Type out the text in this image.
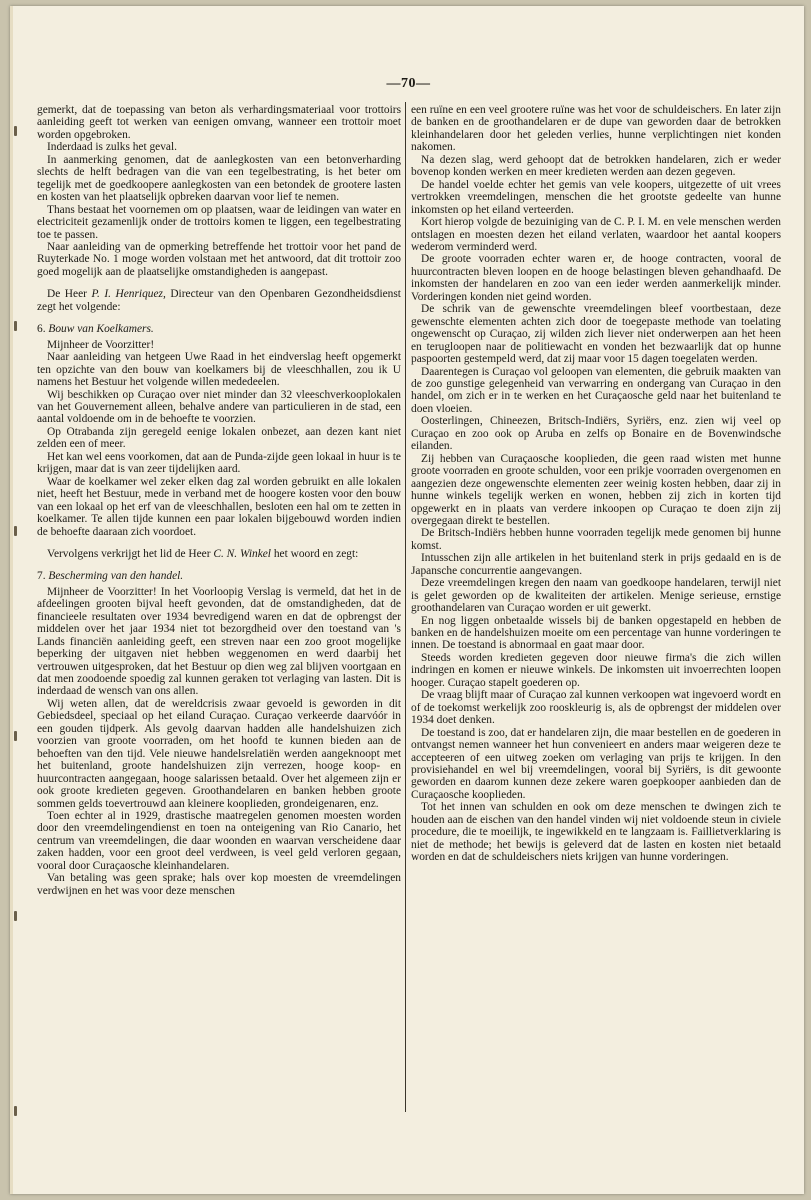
—70—

gemerkt, dat de toepassing van beton als verhardingsmateriaal voor trottoirs aanleiding geeft tot werken van eenigen omvang, wanneer een trottoir moet worden opgebroken.

Inderdaad is zulks het geval.

In aanmerking genomen, dat de aanlegkosten van een betonverharding slechts de helft bedragen van die van een tegelbestrating, is het beter om tegelijk met de goedkoopere aanlegkosten van een betondek de grootere lasten en kosten van het plaatselijk opbreken daarvan voor lief te nemen.

Thans bestaat het voornemen om op plaatsen, waar de leidingen van water en electriciteit gezamenlijk onder de trottoirs komen te liggen, een tegelbestrating toe te passen.

Naar aanleiding van de opmerking betreffende het trottoir voor het pand de Ruyterkade No. 1 moge worden volstaan met het antwoord, dat dit trottoir zoo goed mogelijk aan de plaatselijke omstandigheden is aangepast.

De Heer P. I. Henriquez, Directeur van den Openbaren Gezondheidsdienst zegt het volgende:

6. Bouw van Koelkamers.

Mijnheer de Voorzitter!

Naar aanleiding van hetgeen Uwe Raad in het eindverslag heeft opgemerkt ten opzichte van den bouw van koelkamers bij de vleeschhallen, zou ik U namens het Bestuur het volgende willen mededeelen.

Wij beschikken op Curaçao over niet minder dan 32 vleeschverkooplokalen van het Gouvernement alleen, behalve andere van particulieren in de stad, een aantal voldoende om in de behoefte te voorzien.

Op Otrabanda zijn geregeld eenige lokalen onbezet, aan dezen kant niet zelden een of meer.

Het kan wel eens voorkomen, dat aan de Punda-zijde geen lokaal in huur is te krijgen, maar dat is van zeer tijdelijken aard.

Waar de koelkamer wel zeker elken dag zal worden gebruikt en alle lokalen niet, heeft het Bestuur, mede in verband met de hoogere kosten voor den bouw van een lokaal op het erf van de vleeschhallen, besloten een hal om te zetten in koelkamer. Te allen tijde kunnen een paar lokalen bijgebouwd worden indien de behoefte daaraan zich voordoet.

Vervolgens verkrijgt het lid de Heer C. N. Winkel het woord en zegt:

7. Bescherming van den handel.

Mijnheer de Voorzitter! In het Voorloopig Verslag is vermeld, dat het in de afdeelingen grooten bijval heeft gevonden, dat de omstandigheden, dat de financieele resultaten over 1934 bevredigend waren en dat de opbrengst der middelen over het jaar 1934 niet tot bezorgdheid over den toestand van 's Lands financiën aanleiding geeft, een streven naar een zoo groot mogelijke beperking der uitgaven niet hebben weggenomen en werd daarbij het vertrouwen uitgesproken, dat het Bestuur op dien weg zal blijven voortgaan en dat men zoodoende spoedig zal kunnen geraken tot verlaging van lasten. Dit is inderdaad de wensch van ons allen.

Wij weten allen, dat de wereldcrisis zwaar gevoeld is geworden in dit Gebiedsdeel, speciaal op het eiland Curaçao. Curaçao verkeerde daarvóór in een gouden tijdperk. Als gevolg daarvan hadden alle handelshuizen zich voorzien van groote voorraden, om het hoofd te kunnen bieden aan de behoeften van den tijd. Vele nieuwe handelsrelatiën werden aangeknoopt met het buitenland, groote handelshuizen zijn verrezen, hooge koop- en huurcontracten aangegaan, hooge salarissen betaald. Over het algemeen zijn er ook groote kredieten gegeven. Groothandelaren en banken hebben groote sommen gelds toevertrouwd aan kleinere kooplieden, grondeigenaren, enz.

Toen echter al in 1929, drastische maatregelen genomen moesten worden door den vreemdelingendienst en toen na onteigening van Rio Canario, het centrum van vreemdelingen, die daar woonden en waarvan verscheidene daar zaken hadden, voor een groot deel verdween, is veel geld verloren gegaan, vooral door Curaçaosche kleinhandelaren.

Van betaling was geen sprake; hals over kop moesten de vreemdelingen verdwijnen en het was voor deze menschen

een ruïne en een veel grootere ruïne was het voor de schuldeischers. En later zijn de banken en de groothandelaren er de dupe van geworden daar de betrokken kleinhandelaren door het geleden verlies, hunne verplichtingen niet konden nakomen.

Na dezen slag, werd gehoopt dat de betrokken handelaren, zich er weder bovenop konden werken en meer kredieten werden aan dezen gegeven.

De handel voelde echter het gemis van vele koopers, uitgezette of uit vrees vertrokken vreemdelingen, menschen die het grootste gedeelte van hunne inkomsten op het eiland verteerden.

Kort hierop volgde de bezuiniging van de C. P. I. M. en vele menschen werden ontslagen en moesten dezen het eiland verlaten, waardoor het aantal koopers wederom verminderd werd.

De groote voorraden echter waren er, de hooge contracten, vooral de huurcontracten bleven loopen en de hooge belastingen bleven gehandhaafd. De inkomsten der handelaren en zoo van een ieder werden aanmerkelijk minder. Vorderingen konden niet geind worden.

De schrik van de gewenschte vreemdelingen bleef voortbestaan, deze gewenschte elementen achten zich door de toegepaste methode van toelating ongewenscht op Curaçao, zij wilden zich liever niet onderwerpen aan het heen en terugloopen naar de politiewacht en vonden het bezwaarlijk dat op hunne paspoorten gestempeld werd, dat zij maar voor 15 dagen toegelaten werden.

Daarentegen is Curaçao vol geloopen van elementen, die gebruik maakten van de zoo gunstige gelegenheid van verwarring en ondergang van Curaçao in den handel, om zich er in te werken en het Curaçaosche geld naar het buitenland te doen vloeien.

Oosterlingen, Chineezen, Britsch-Indiërs, Syriërs, enz. zien wij veel op Curaçao en zoo ook op Aruba en zelfs op Bonaire en de Bovenwindsche eilanden.

Zij hebben van Curaçaosche kooplieden, die geen raad wisten met hunne groote voorraden en groote schulden, voor een prikje voorraden overgenomen en aangezien deze ongewenschte elementen zeer weinig kosten hebben, daar zij in hunne winkels tegelijk werken en wonen, hebben zij zich in korten tijd opgewerkt en in plaats van verdere inkoopen op Curaçao te doen zijn zij overgegaan direkt te bestellen.

De Britsch-Indiërs hebben hunne voorraden tegelijk mede genomen bij hunne komst.

Intusschen zijn alle artikelen in het buitenland sterk in prijs gedaald en is de Japansche concurrentie aangevangen.

Deze vreemdelingen kregen den naam van goedkoope handelaren, terwijl niet is gelet geworden op de kwaliteiten der artikelen. Menige serieuse, ernstige groothandelaren van Curaçao worden er uit gewerkt.

En nog liggen onbetaalde wissels bij de banken opgestapeld en hebben de banken en de handelshuizen moeite om een percentage van hunne vorderingen te innen. De toestand is abnormaal en gaat maar door.

Steeds worden kredieten gegeven door nieuwe firma's die zich willen indringen en komen er nieuwe winkels. De inkomsten uit invoerrechten loopen hooger. Curaçao stapelt goederen op.

De vraag blijft maar of Curaçao zal kunnen verkoopen wat ingevoerd wordt en of de toekomst werkelijk zoo rooskleurig is, als de opbrengst der middelen over 1934 doet denken.

De toestand is zoo, dat er handelaren zijn, die maar bestellen en de goederen in ontvangst nemen wanneer het hun convenieert en anders maar weigeren deze te accepteeren of een uitweg zoeken om verlaging van prijs te krijgen. In den provisiehandel en wel bij vreemdelingen, vooral bij Syriërs, is dit gewoonte geworden en daarom kunnen deze zekere waren goepkooper aanbieden dan de Curaçaosche kooplieden.

Tot het innen van schulden en ook om deze menschen te dwingen zich te houden aan de eischen van den handel vinden wij niet voldoende steun in civiele procedure, die te moeilijk, te ingewikkeld en te langzaam is. Faillietverklaring is niet de methode; het bewijs is geleverd dat de lasten en kosten niet betaald worden en dat de schuldeischers niets krijgen van hunne vorderingen.
